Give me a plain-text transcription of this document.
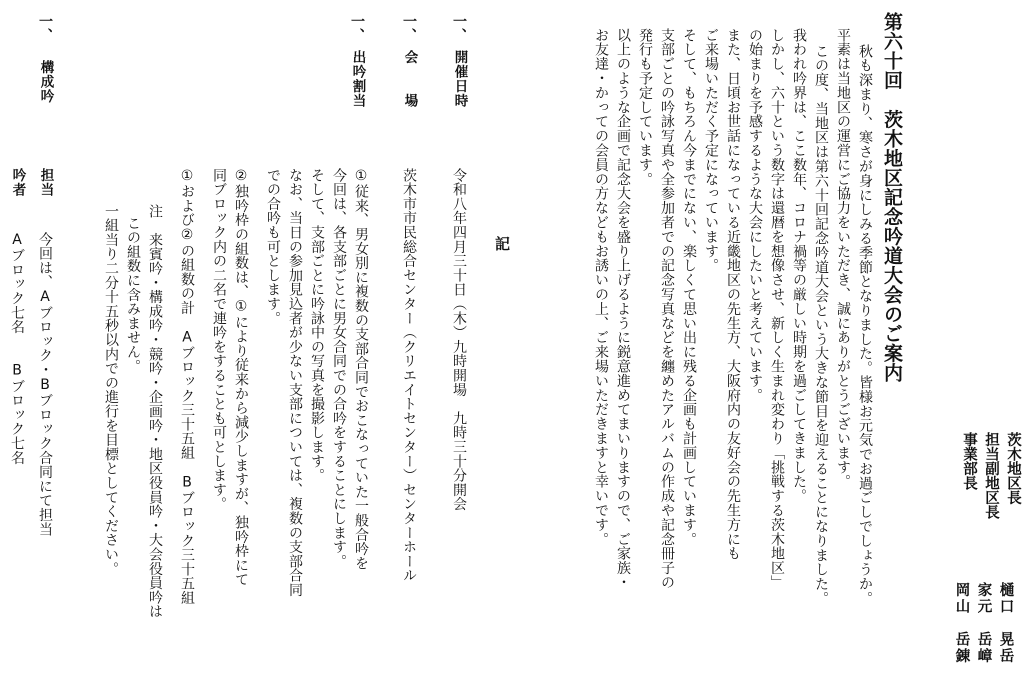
茨木地区長
樋口　晃岳
担当副地区長
家元　岳嶂
事業部長
岡山　岳錬
第六十回　茨木地区記念吟道大会のご案内

秋も深まり、寒さが身にしみる季節となりました。皆様お元気でお過ごしでしょうか。

平素は当地区の運営にご協力をいただき、誠にありがとうございます。

この度、当地区は第六十回記念吟道大会という大きな節目を迎えることになりました。

我われ吟界は、ここ数年、コロナ禍等の厳しい時期を過ごしてきました。

しかし、六十という数字は還暦を想像させ、新しく生まれ変わり「挑戦する茨木地区」

の始まりを予感するような大会にしたいと考えています。

また、日頃お世話になっている近畿地区の先生方、大阪府内の友好会の先生方にも

ご来場いただく予定になっています。

そして、もちろん今までにない、楽しくて思い出に残る企画も計画しています。

支部ごとの吟詠写真や全参加者での記念写真などを纏めたアルバムの作成や記念冊子の

発行も予定しています。

以上のような企画で記念大会を盛り上げるように鋭意進めてまいりますので、ご家族・

お友達・かっての会員の方などもお誘いの上、ご来場いただきますと幸いです。

記
一、
開催日時

令和八年四月三十日（木）九時開場　九時三十分開会

一、
会　　場

茨木市市民総合センター（クリエイトセンター）センターホール

一、
出吟割当

①従来、男女別に複数の支部合同でおこなっていた一般合吟を

今回は、各支部ごとに男女合同での合吟をすることにします。

そして、支部ごとに吟詠中の写真を撮影します。

なお、当日の参加見込者が少ない支部については、複数の支部合同

での合吟も可とします。

②独吟枠の組数は、①により従来から減少しますが、独吟枠にて

同ブロック内の二名で連吟をすることも可とします。

①および②の組数の計　Aブロック三十五組　Bブロック三十五組

注　来賓吟・構成吟・競吟・企画吟・地区役員吟・大会役員吟は

この組数に含みません。

一組当り二分十五秒以内での進行を目標としてください。

一、
構成吟
担当

今回は、Aブロック・Bブロック合同にて担当

吟者

Aブロック七名　　Bブロック七名
